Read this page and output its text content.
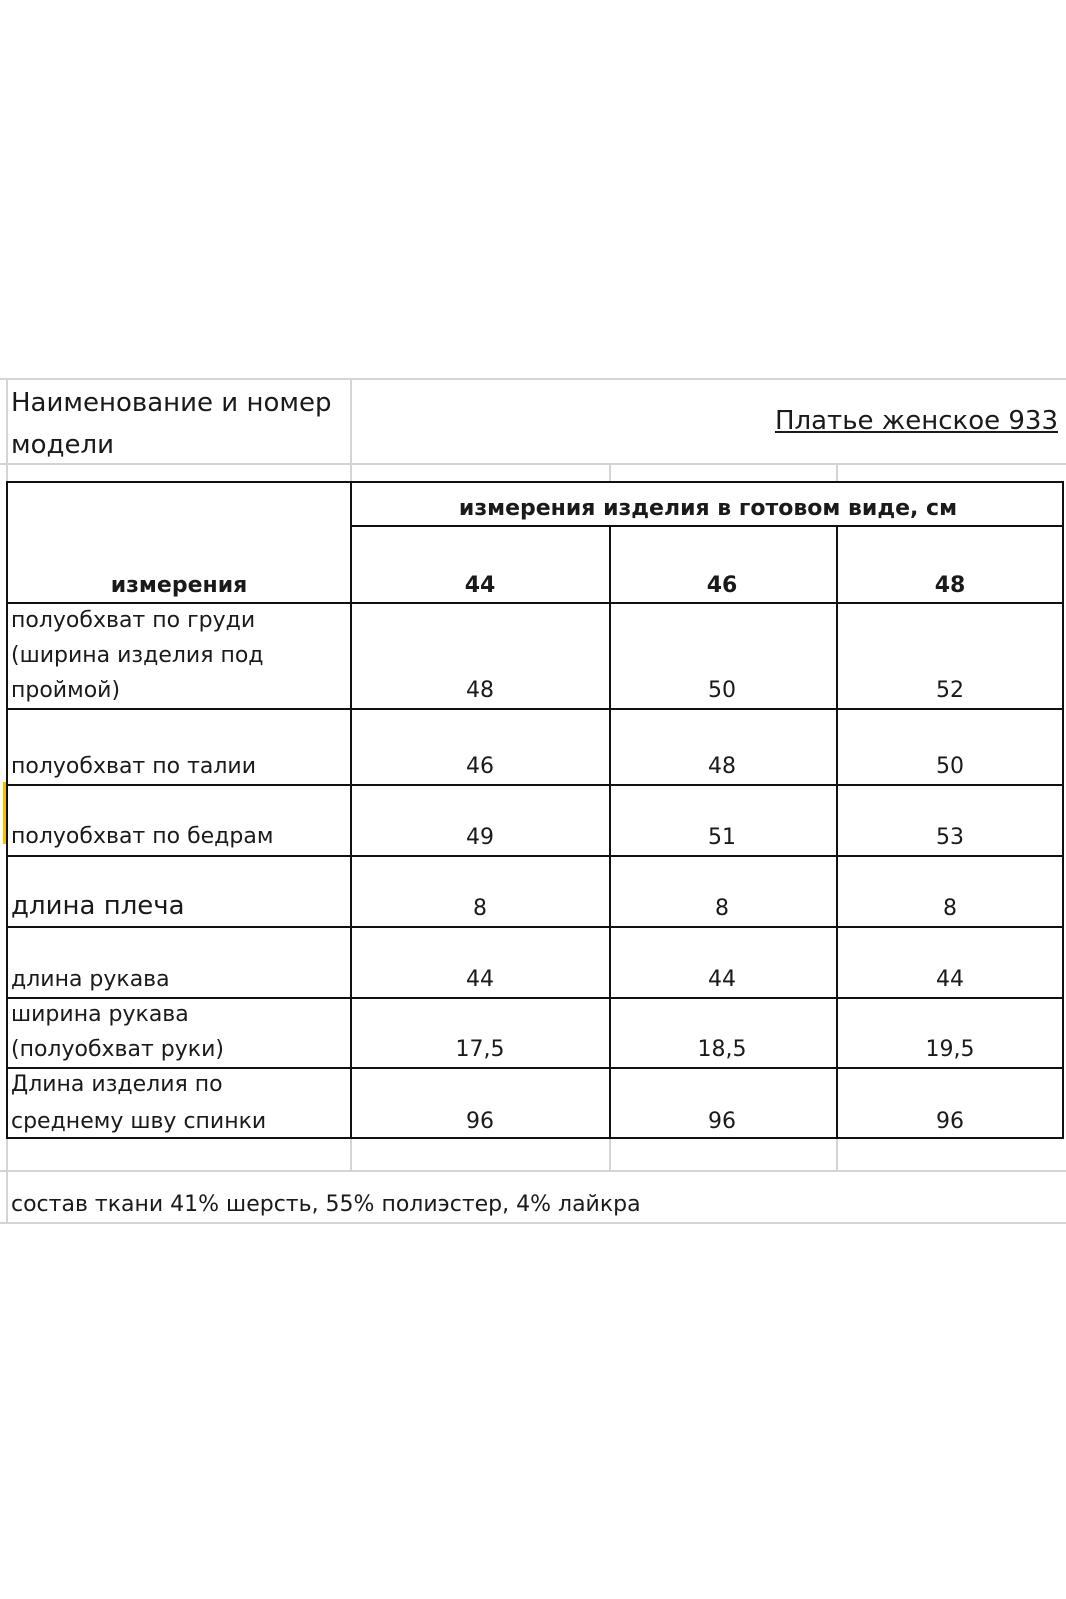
Наименование и номер
модели
Платье женское 933
измерения изделия в готовом виде, см
измерения	44	46	48
полуобхват по груди
(ширина изделия под
проймой)	48	50	52
полуобхват по талии	46	48	50
полуобхват по бедрам	49	51	53
длина плеча	8	8	8
длина рукава	44	44	44
ширина рукава
(полуобхват руки)	17,5	18,5	19,5
Длина изделия по
среднему шву спинки	96	96	96
состав ткани 41% шерсть, 55% полиэстер, 4% лайкра
